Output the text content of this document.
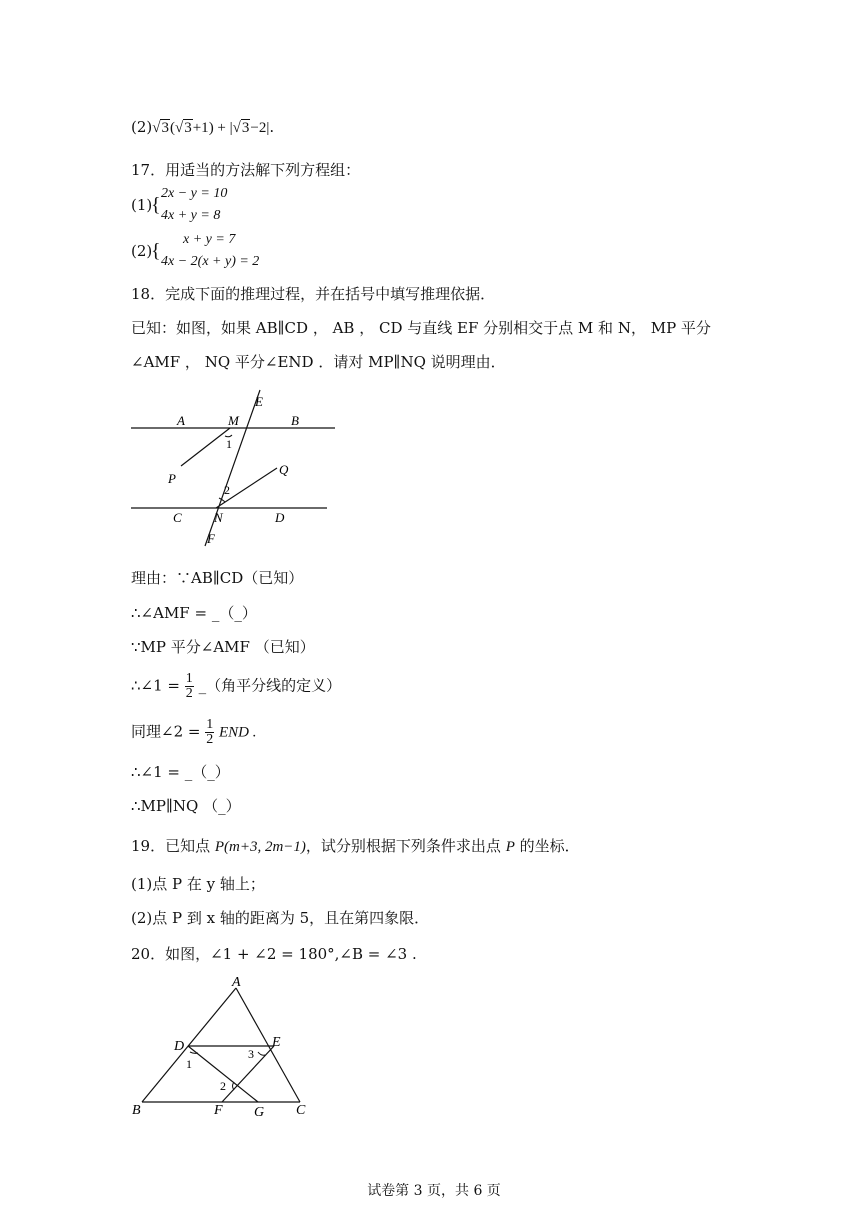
(2)√3(√3+1) + |√3−2|.
17．用适当的方法解下列方程组：
(1)
{
2x − y = 10
4x + y = 8
(2)
{
x + y = 7
4x − 2(x + y) = 2
18．完成下面的推理过程，并在括号中填写推理依据．
已知：如图，如果 AB∥CD ， AB ， CD 与直线 EF 分别相交于点 M 和 N， MP 平分
∠AMF ， NQ 平分∠END ．请对 MP∥NQ 说明理由．
A	M
E
B
1
P
Q
2
C N	D
F
理由：∵AB∥CD（已知）
∴∠AMF = _（_）
∵MP 平分∠AMF （已知）
∴∠1 = $\frac{1}{2}$ _（角平分线的定义）
同理∠2 = $\frac{1}{2}$ END .
∴∠1 = _（_）
∴MP∥NQ （_）
19．已知点 P(m+3, 2m−1)，试分别根据下列条件求出点 P 的坐标．
(1)点 P 在 y 轴上；
(2)点 P 到 x 轴的距离为 5，且在第四象限．
20．如图，∠1 + ∠2 = 180°,∠B = ∠3 .
A
D	E
1
3
2
B	F G C
试卷第 3 页，共 6 页
